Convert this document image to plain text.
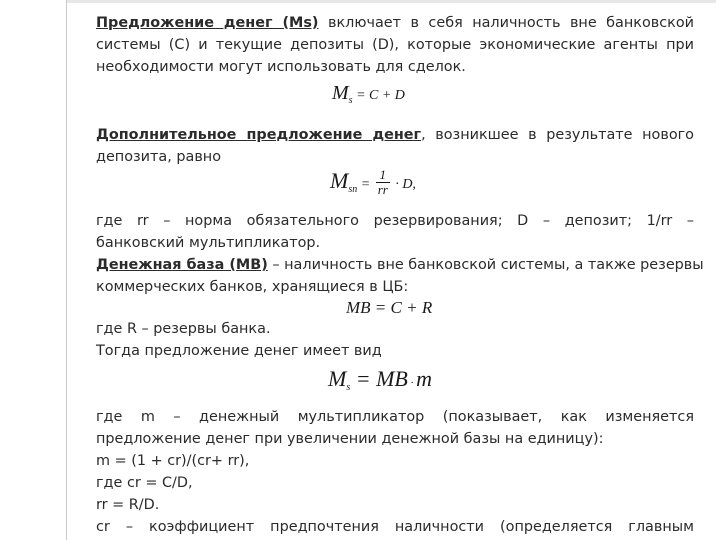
Предложение денег (Ms) включает в себя наличность вне банковской
системы (C) и текущие депозиты (D), которые экономические агенты при
необходимости могут использовать для сделок.
$M_s = C + D$
Дополнительное предложение денег, возникшее в результате нового
депозита, равно
$M_{sn} = \frac{1}{rr} \cdot D$,
где rr – норма обязательного резервирования; D – депозит; 1/rr –
банковский мультипликатор.
Денежная база (МВ) – наличность вне банковской системы, а также резервы
коммерческих банков, хранящиеся в ЦБ:
MB = C + R
где R – резервы банка.
Тогда предложение денег имеет вид
$M_s$ = MB · m
где m – денежный мультипликатор (показывает, как изменяется
предложение денег при увеличении денежной базы на единицу):
m = (1 + cr)/(cr+ rr),
где cr = C/D,
rr = R/D.
cr – коэффициент предпочтения наличности (определяется главным
